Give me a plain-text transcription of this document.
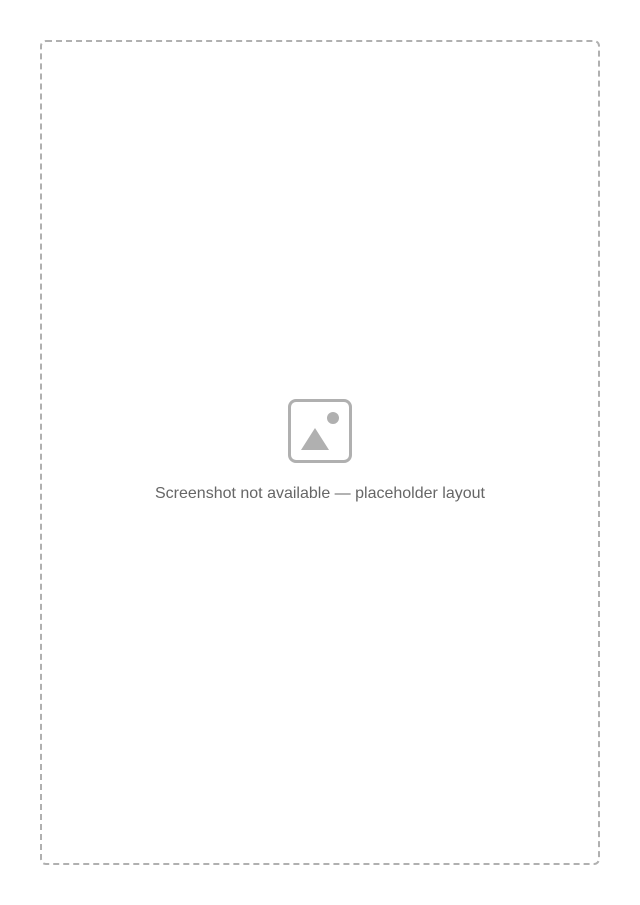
Screenshot not available — placeholder layout
